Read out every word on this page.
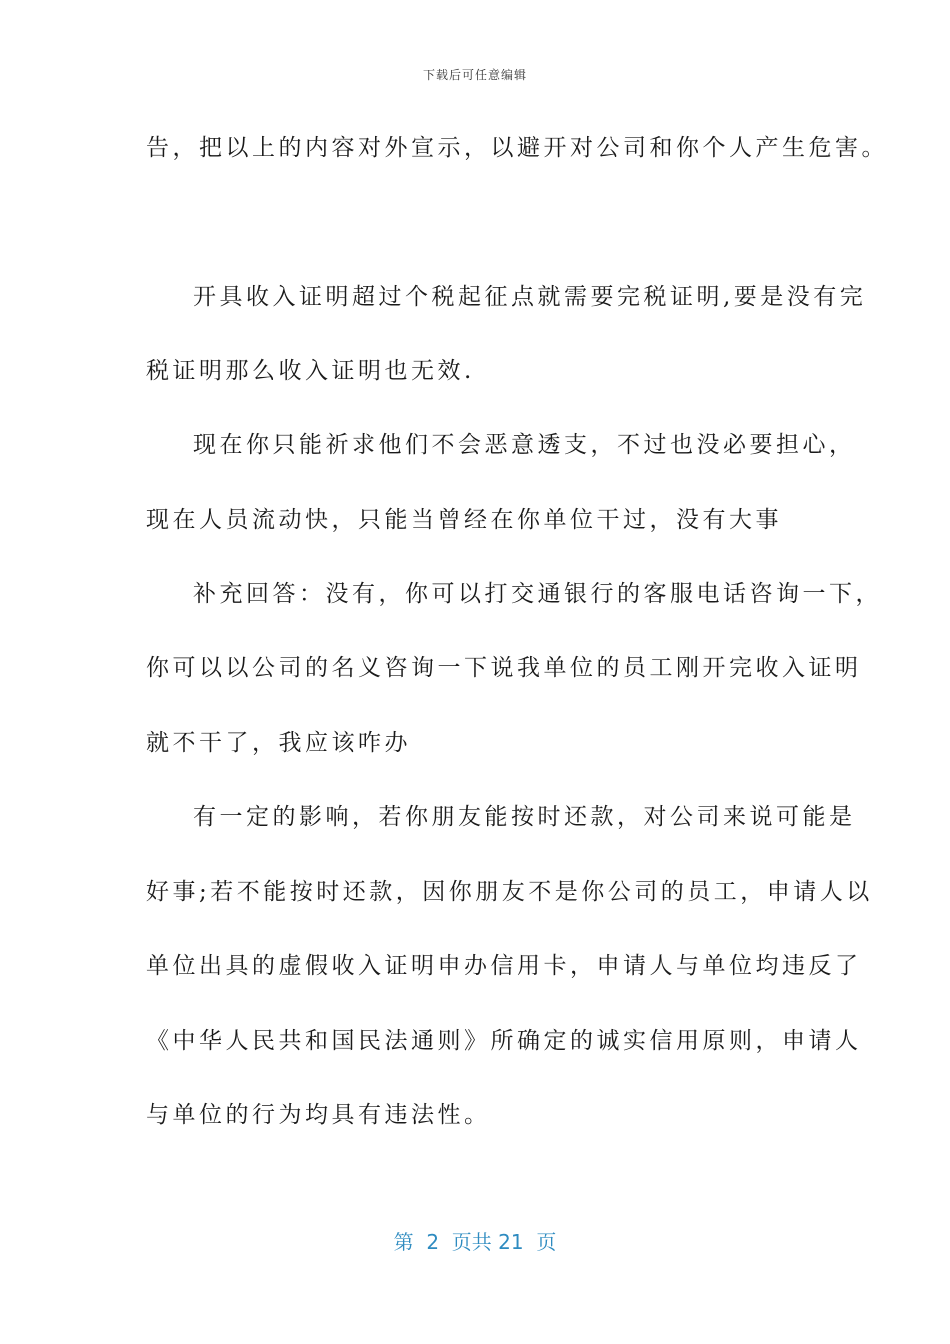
下载后可任意编辑
告，把以上的内容对外宣示，以避开对公司和你个人产生危害。
开具收入证明超过个税起征点就需要完税证明,要是没有完
税证明那么收入证明也无效.
现在你只能祈求他们不会恶意透支，不过也没必要担心，
现在人员流动快，只能当曾经在你单位干过，没有大事
补充回答：没有，你可以打交通银行的客服电话咨询一下，
你可以以公司的名义咨询一下说我单位的员工刚开完收入证明
就不干了，我应该咋办
有一定的影响，若你朋友能按时还款，对公司来说可能是
好事;若不能按时还款，因你朋友不是你公司的员工，申请人以
单位出具的虚假收入证明申办信用卡，申请人与单位均违反了
《中华人民共和国民法通则》所确定的诚实信用原则，申请人
与单位的行为均具有违法性。
第  2  页共 21  页
